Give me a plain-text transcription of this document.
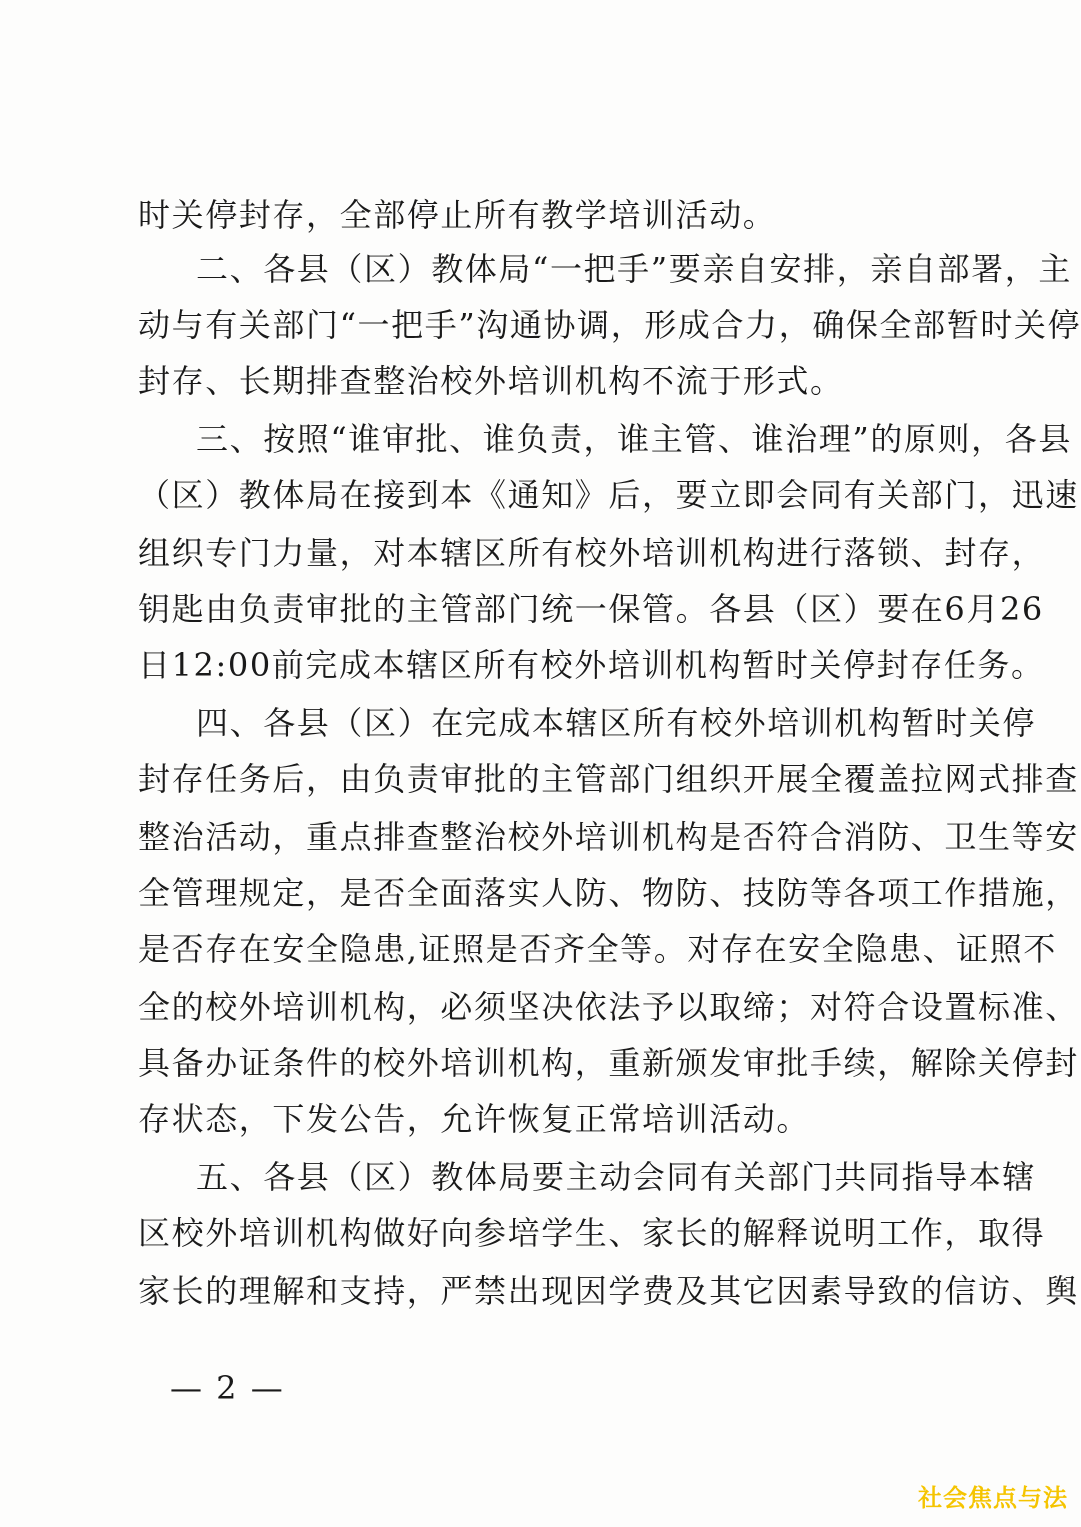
时关停封存，全部停止所有教学培训活动。
二、各县（区）教体局“一把手”要亲自安排，亲自部署，主
动与有关部门“一把手”沟通协调，形成合力，确保全部暂时关停
封存、长期排查整治校外培训机构不流于形式。
三、按照“谁审批、谁负责，谁主管、谁治理”的原则，各县
（区）教体局在接到本《通知》后，要立即会同有关部门，迅速
组织专门力量，对本辖区所有校外培训机构进行落锁、封存，
钥匙由负责审批的主管部门统一保管。各县（区）要在6月26
日12:00前完成本辖区所有校外培训机构暂时关停封存任务。
四、各县（区）在完成本辖区所有校外培训机构暂时关停
封存任务后，由负责审批的主管部门组织开展全覆盖拉网式排查
整治活动，重点排查整治校外培训机构是否符合消防、卫生等安
全管理规定，是否全面落实人防、物防、技防等各项工作措施，
是否存在安全隐患,证照是否齐全等。对存在安全隐患、证照不
全的校外培训机构，必须坚决依法予以取缔；对符合设置标准、
具备办证条件的校外培训机构，重新颁发审批手续，解除关停封
存状态，下发公告，允许恢复正常培训活动。
五、各县（区）教体局要主动会同有关部门共同指导本辖
区校外培训机构做好向参培学生、家长的解释说明工作，取得
家长的理解和支持，严禁出现因学费及其它因素导致的信访、舆
— 2 —
社会焦点与法
